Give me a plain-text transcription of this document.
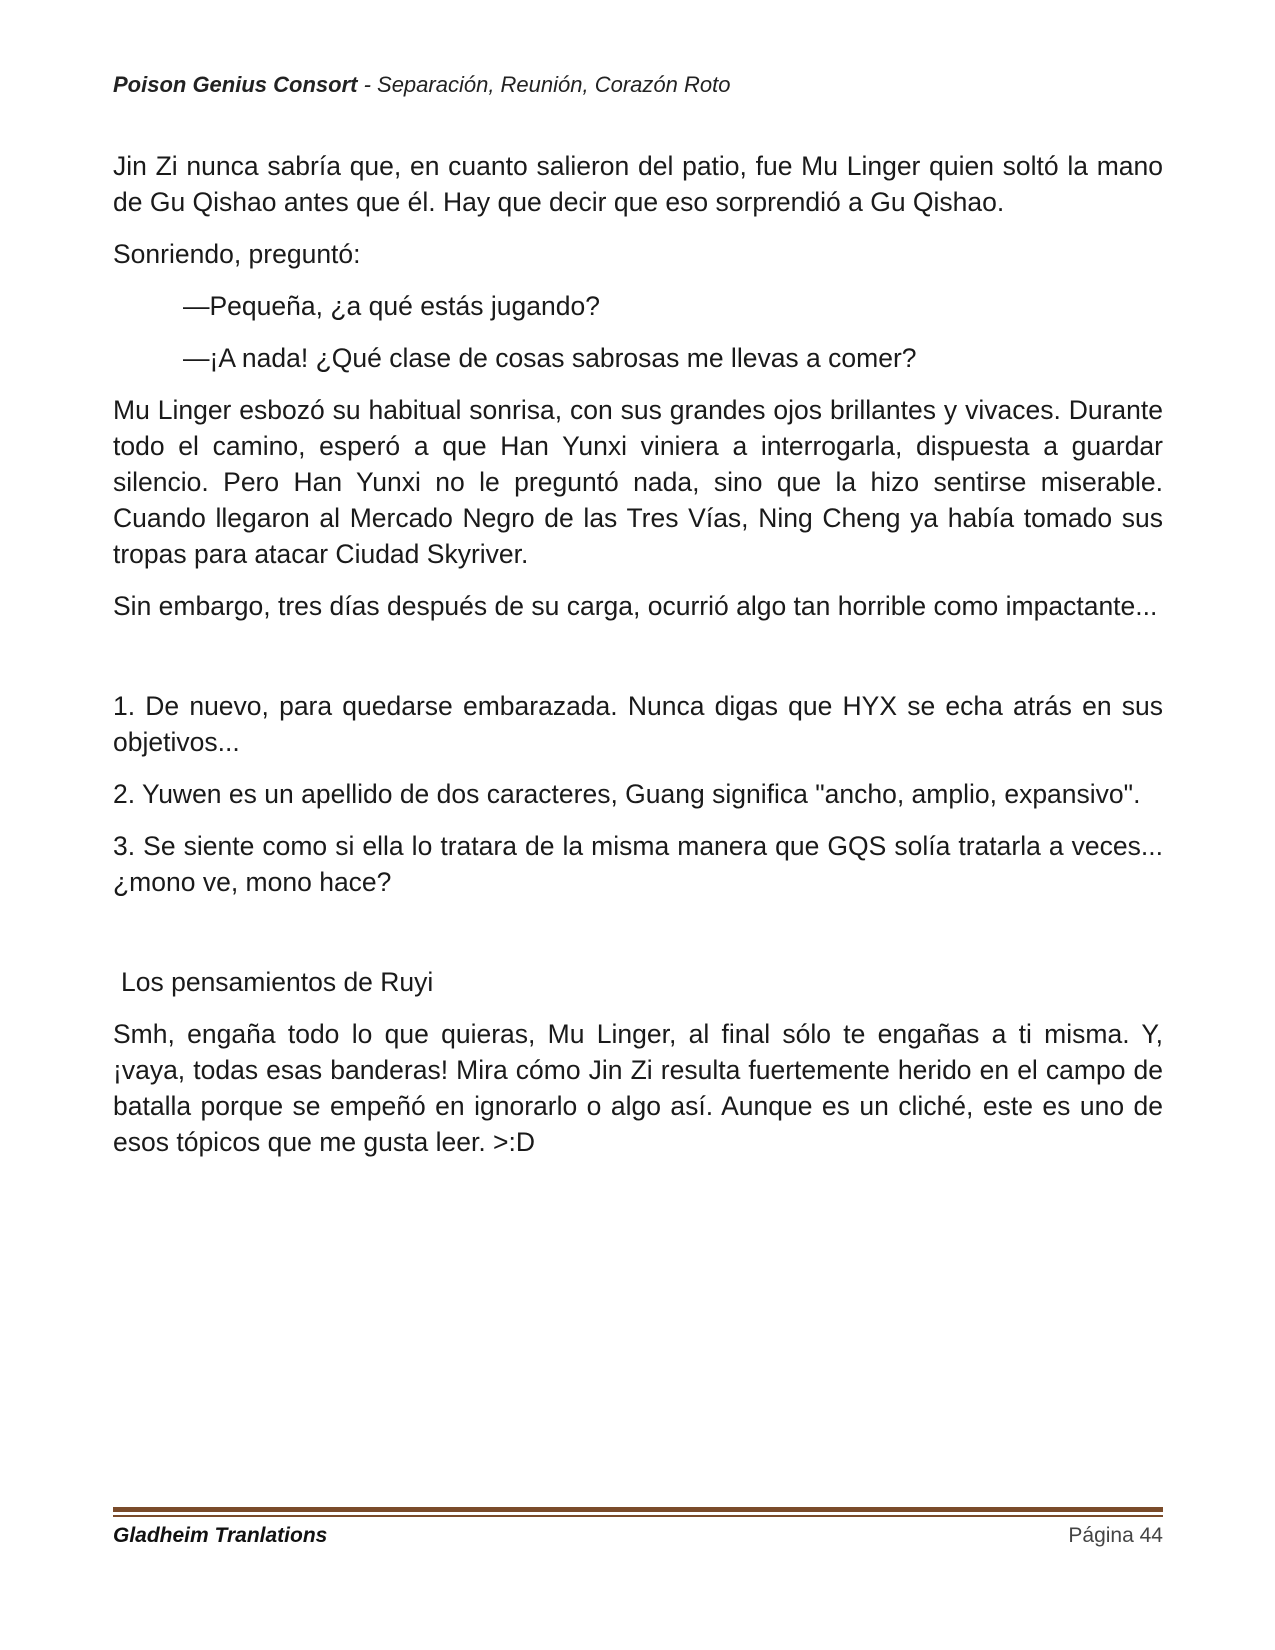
Poison Genius Consort - Separación, Reunión, Corazón Roto

Jin Zi nunca sabría que, en cuanto salieron del patio, fue Mu Linger quien soltó la mano de Gu Qishao antes que él. Hay que decir que eso sorprendió a Gu Qishao.

Sonriendo, preguntó:

—Pequeña, ¿a qué estás jugando?

—¡A nada! ¿Qué clase de cosas sabrosas me llevas a comer?

Mu Linger esbozó su habitual sonrisa, con sus grandes ojos brillantes y vivaces. Durante todo el camino, esperó a que Han Yunxi viniera a interrogarla, dispuesta a guardar silencio. Pero Han Yunxi no le preguntó nada, sino que la hizo sentirse miserable. Cuando llegaron al Mercado Negro de las Tres Vías, Ning Cheng ya había tomado sus tropas para atacar Ciudad Skyriver.

Sin embargo, tres días después de su carga, ocurrió algo tan horrible como impactante...

1. De nuevo, para quedarse embarazada. Nunca digas que HYX se echa atrás en sus objetivos...

2. Yuwen es un apellido de dos caracteres, Guang significa "ancho, amplio, expansivo".

3. Se siente como si ella lo tratara de la misma manera que GQS solía tratarla a veces... ¿mono ve, mono hace?

Los pensamientos de Ruyi

Smh, engaña todo lo que quieras, Mu Linger, al final sólo te engañas a ti misma. Y, ¡vaya, todas esas banderas! Mira cómo Jin Zi resulta fuertemente herido en el campo de batalla porque se empeñó en ignorarlo o algo así. Aunque es un cliché, este es uno de esos tópicos que me gusta leer. >:D

Gladheim Tranlations	Página 44
